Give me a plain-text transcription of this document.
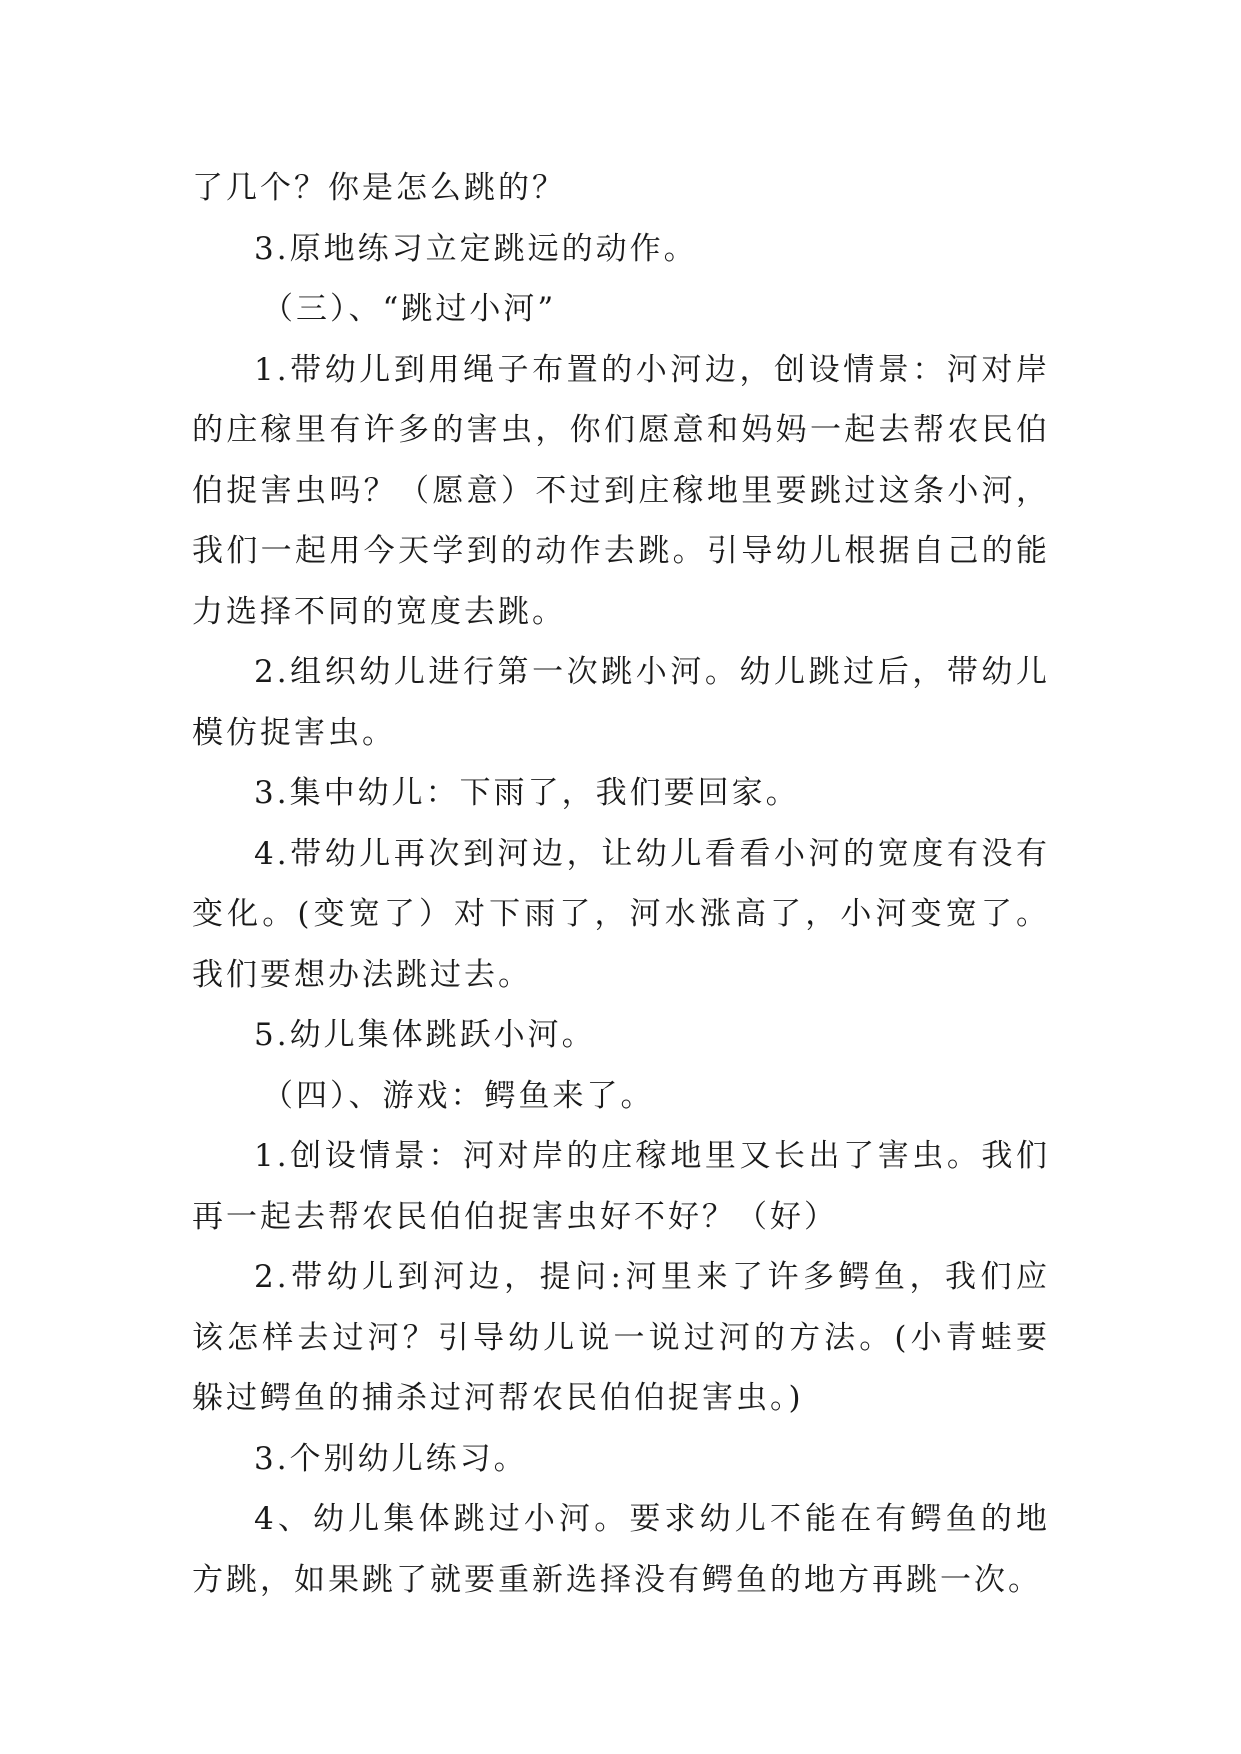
了几个？你是怎么跳的？

3.原地练习立定跳远的动作。

（三）、“跳过小河”

1.带幼儿到用绳子布置的小河边，创设情景：河对岸的庄稼里有许多的害虫，你们愿意和妈妈一起去帮农民伯伯捉害虫吗？（愿意）不过到庄稼地里要跳过这条小河，我们一起用今天学到的动作去跳。引导幼儿根据自己的能力选择不同的宽度去跳。

2.组织幼儿进行第一次跳小河。幼儿跳过后，带幼儿模仿捉害虫。

3.集中幼儿：下雨了，我们要回家。

4.带幼儿再次到河边，让幼儿看看小河的宽度有没有变化。(变宽了）对下雨了，河水涨高了，小河变宽了。我们要想办法跳过去。

5.幼儿集体跳跃小河。

（四）、游戏：鳄鱼来了。

1.创设情景：河对岸的庄稼地里又长出了害虫。我们再一起去帮农民伯伯捉害虫好不好？（好）

2.带幼儿到河边，提问:河里来了许多鳄鱼，我们应该怎样去过河？引导幼儿说一说过河的方法。(小青蛙要躲过鳄鱼的捕杀过河帮农民伯伯捉害虫。)

3.个别幼儿练习。

4、幼儿集体跳过小河。要求幼儿不能在有鳄鱼的地方跳，如果跳了就要重新选择没有鳄鱼的地方再跳一次。
